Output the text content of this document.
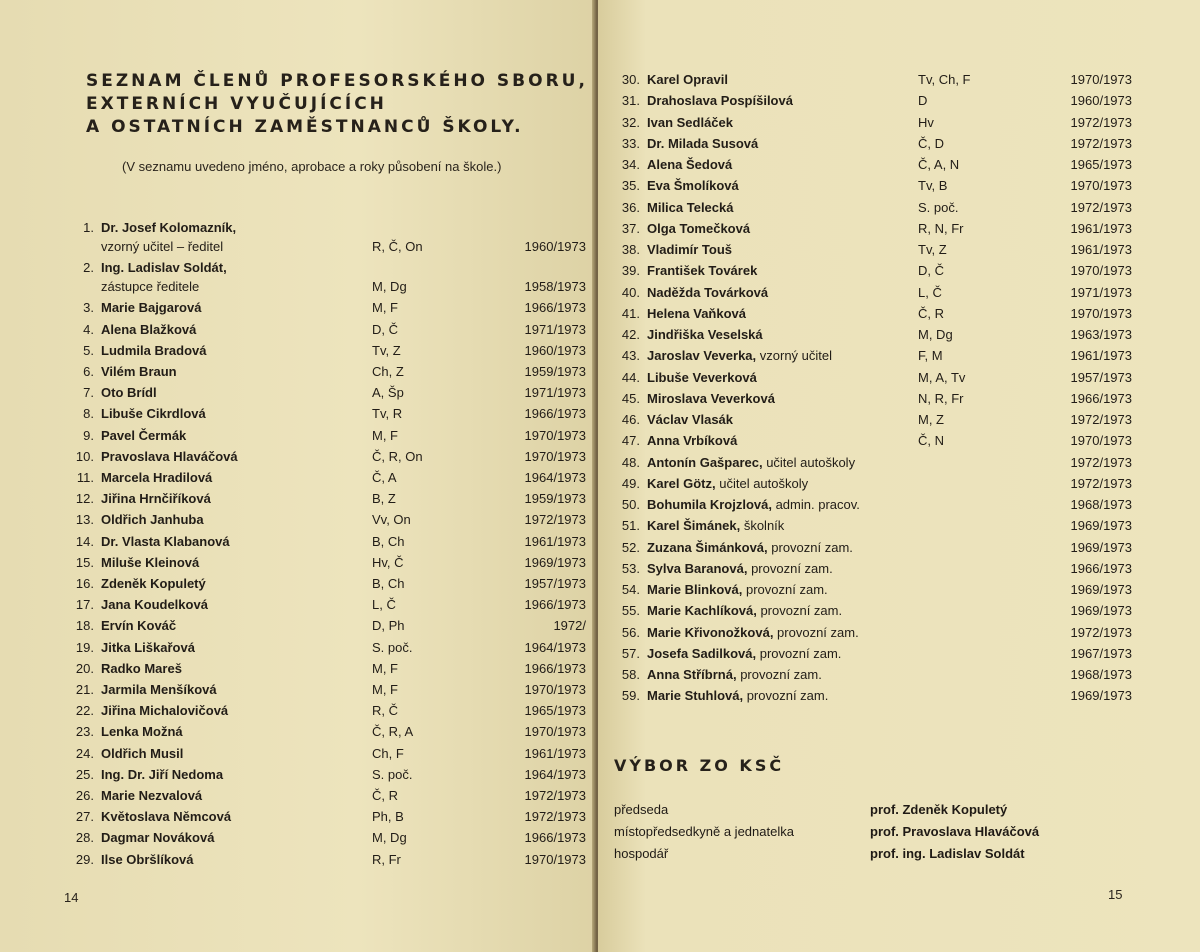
SEZNAM ČLENŮ PROFESORSKÉHO SBORU,
EXTERNÍCH VYUČUJÍCÍCH
A OSTATNÍCH ZAMĚSTNANCŮ ŠKOLY.
(V seznamu uvedeno jméno, aprobace a roky působení na škole.)
1. Dr. Josef Kolomazník,
vzorný učitel – ředitel	R, Č, On	1960/1973
2. Ing. Ladislav Soldát,
zástupce ředitele	M, Dg	1958/1973
3. Marie Bajgarová	M, F	1966/1973
4. Alena Blažková	D, Č	1971/1973
5. Ludmila Bradová	Tv, Z	1960/1973
6. Vilém Braun	Ch, Z	1959/1973
7. Oto Brídl	A, Šp	1971/1973
8. Libuše Cikrdlová	Tv, R	1966/1973
9. Pavel Čermák	M, F	1970/1973
10. Pravoslava Hlaváčová	Č, R, On	1970/1973
11. Marcela Hradilová	Č, A	1964/1973
12. Jiřina Hrnčiříková	B, Z	1959/1973
13. Oldřich Janhuba	Vv, On	1972/1973
14. Dr. Vlasta Klabanová	B, Ch	1961/1973
15. Miluše Kleinová	Hv, Č	1969/1973
16. Zdeněk Kopuletý	B, Ch	1957/1973
17. Jana Koudelková	L, Č	1966/1973
18. Ervín Kováč	D, Ph	1972/
19. Jitka Liškařová	S. poč.	1964/1973
20. Radko Mareš	M, F	1966/1973
21. Jarmila Menšíková	M, F	1970/1973
22. Jiřina Michalovičová	R, Č	1965/1973
23. Lenka Možná	Č, R, A	1970/1973
24. Oldřich Musil	Ch, F	1961/1973
25. Ing. Dr. Jiří Nedoma	S. poč.	1964/1973
26. Marie Nezvalová	Č, R	1972/1973
27. Květoslava Němcová	Ph, B	1972/1973
28. Dagmar Nováková	M, Dg	1966/1973
29. Ilse Obršlíková	R, Fr	1970/1973
14
30. Karel Opravil	Tv, Ch, F	1970/1973
31. Drahoslava Pospíšilová	D	1960/1973
32. Ivan Sedláček	Hv	1972/1973
33. Dr. Milada Susová	Č, D	1972/1973
34. Alena Šedová	Č, A, N	1965/1973
35. Eva Šmolíková	Tv, B	1970/1973
36. Milica Telecká	S. poč.	1972/1973
37. Olga Tomečková	R, N, Fr	1961/1973
38. Vladimír Touš	Tv, Z	1961/1973
39. František Továrek	D, Č	1970/1973
40. Naděžda Továrková	L, Č	1971/1973
41. Helena Vaňková	Č, R	1970/1973
42. Jindřiška Veselská	M, Dg	1963/1973
43. Jaroslav Veverka, vzorný učitel	F, M	1961/1973
44. Libuše Veverková	M, A, Tv	1957/1973
45. Miroslava Veverková	N, R, Fr	1966/1973
46. Václav Vlasák	M, Z	1972/1973
47. Anna Vrbíková	Č, N	1970/1973
48. Antonín Gašparec, učitel autoškoly	1972/1973
49. Karel Götz, učitel autoškoly	1972/1973
50. Bohumila Krojzlová, admin. pracov.	1968/1973
51. Karel Šimánek, školník	1969/1973
52. Zuzana Šimánková, provozní zam.	1969/1973
53. Sylva Baranová, provozní zam.	1966/1973
54. Marie Blinková, provozní zam.	1969/1973
55. Marie Kachlíková, provozní zam.	1969/1973
56. Marie Křivonožková, provozní zam.	1972/1973
57. Josefa Sadilková, provozní zam.	1967/1973
58. Anna Stříbrná, provozní zam.	1968/1973
59. Marie Stuhlová, provozní zam.	1969/1973
VÝBOR ZO KSČ
předseda	prof. Zdeněk Kopuletý
místopředsedkyně a jednatelka	prof. Pravoslava Hlaváčová
hospodář	prof. ing. Ladislav Soldát
15
